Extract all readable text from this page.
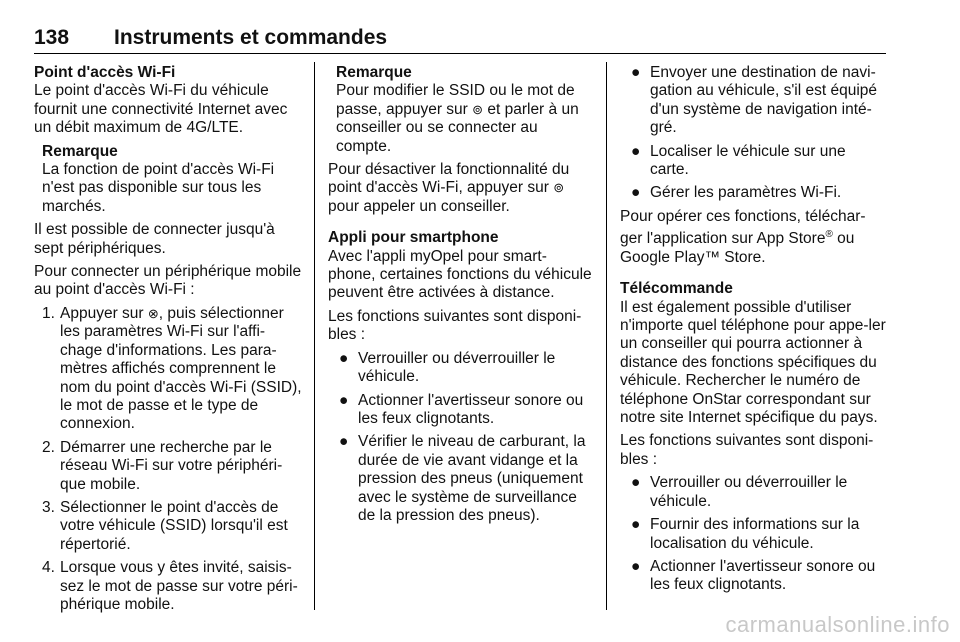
138 Instruments et commandes
Point d'accès Wi-Fi

Le point d'accès Wi-Fi du véhicule fournit une connectivité Internet avec un débit maximum de 4G/LTE.

Remarque
La fonction de point d'accès Wi-Fi n'est pas disponible sur tous les marchés.

Il est possible de connecter jusqu'à sept périphériques.

Pour connecter un périphérique mobile au point d'accès Wi-Fi :

1. Appuyer sur ⊗, puis sélectionner les paramètres Wi-Fi sur l'affi-chage d'informations. Les para-mètres affichés comprennent le nom du point d'accès Wi-Fi (SSID), le mot de passe et le type de connexion.
2. Démarrer une recherche par le réseau Wi-Fi sur votre périphéri-que mobile.
3. Sélectionner le point d'accès de votre véhicule (SSID) lorsqu'il est répertorié.
4. Lorsque vous y êtes invité, saisis-sez le mot de passe sur votre péri-phérique mobile.
Remarque
Pour modifier le SSID ou le mot de passe, appuyer sur ⊚ et parler à un conseiller ou se connecter au compte.

Pour désactiver la fonctionnalité du point d'accès Wi-Fi, appuyer sur ⊚ pour appeler un conseiller.

Appli pour smartphone

Avec l'appli myOpel pour smart-phone, certaines fonctions du véhicule peuvent être activées à distance.

Les fonctions suivantes sont disponi-bles :

● Verrouiller ou déverrouiller le véhicule.
● Actionner l'avertisseur sonore ou les feux clignotants.
● Vérifier le niveau de carburant, la durée de vie avant vidange et la pression des pneus (uniquement avec le système de surveillance de la pression des pneus).
● Envoyer une destination de navi-gation au véhicule, s'il est équipé d'un système de navigation inté-gré.
● Localiser le véhicule sur une carte.
● Gérer les paramètres Wi-Fi.

Pour opérer ces fonctions, téléchar-ger l'application sur App Store® ou Google Play™ Store.

Télécommande

Il est également possible d'utiliser n'importe quel téléphone pour appe-ler un conseiller qui pourra actionner à distance des fonctions spécifiques du véhicule. Rechercher le numéro de téléphone OnStar correspondant sur notre site Internet spécifique du pays.

Les fonctions suivantes sont disponi-bles :

● Verrouiller ou déverrouiller le véhicule.
● Fournir des informations sur la localisation du véhicule.
● Actionner l'avertisseur sonore ou les feux clignotants.
carmanualsonline.info
